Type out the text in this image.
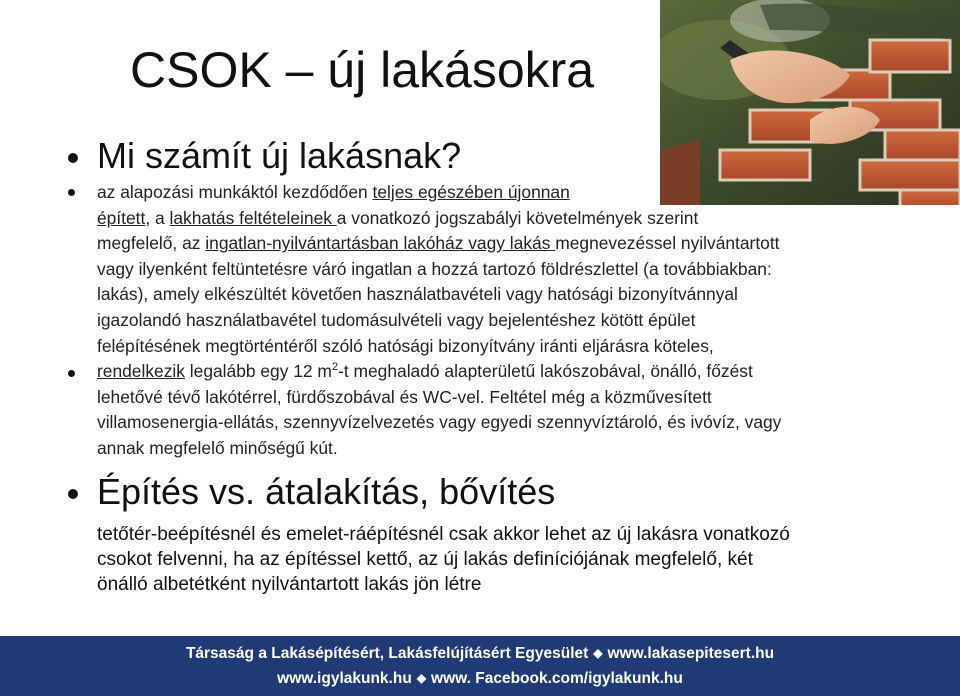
CSOK – új lakásokra
Mi számít új lakásnak?
az alapozási munkáktól kezdődően teljes egészében újonnan
épített, a lakhatás feltételeinek a vonatkozó jogszabályi követelmények szerint
megfelelő, az ingatlan-nyilvántartásban lakóház vagy lakás megnevezéssel nyilvántartott
vagy ilyenként feltüntetésre váró ingatlan a hozzá tartozó földrészlettel (a továbbiakban:
lakás), amely elkészültét követően használatbavételi vagy hatósági bizonyítvánnyal
igazolandó használatbavétel tudomásulvételi vagy bejelentéshez kötött épület
felépítésének megtörténtéről szóló hatósági bizonyítvány iránti eljárásra köteles,
rendelkezik legalább egy 12 $m^2-t$ meghaladó alapterületű lakószobával, önálló, főzést
lehetővé tévő lakótérrel, fürdőszobával és WC-vel. Feltétel még a közművesített
villamosenergia-ellátás, szennyvízelvezetés vagy egyedi szennyvíztároló, és ivóvíz, vagy
annak megfelelő minőségű kút.
Építés vs. átalakítás, bővítés
tetőtér-beépítésnél és emelet-ráépítésnél csak akkor lehet az új lakásra vonatkozó
csokot felvenni, ha az építéssel kettő, az új lakás definíciójának megfelelő, két
önálló albetétként nyilvántartott lakás jön létre
Társaság a Lakásépítésért, Lakásfelújításért Egyesület ◆ www.lakasepitesert.hu
www.igylakunk.hu ◆ www. Facebook.com/igylakunk.hu
